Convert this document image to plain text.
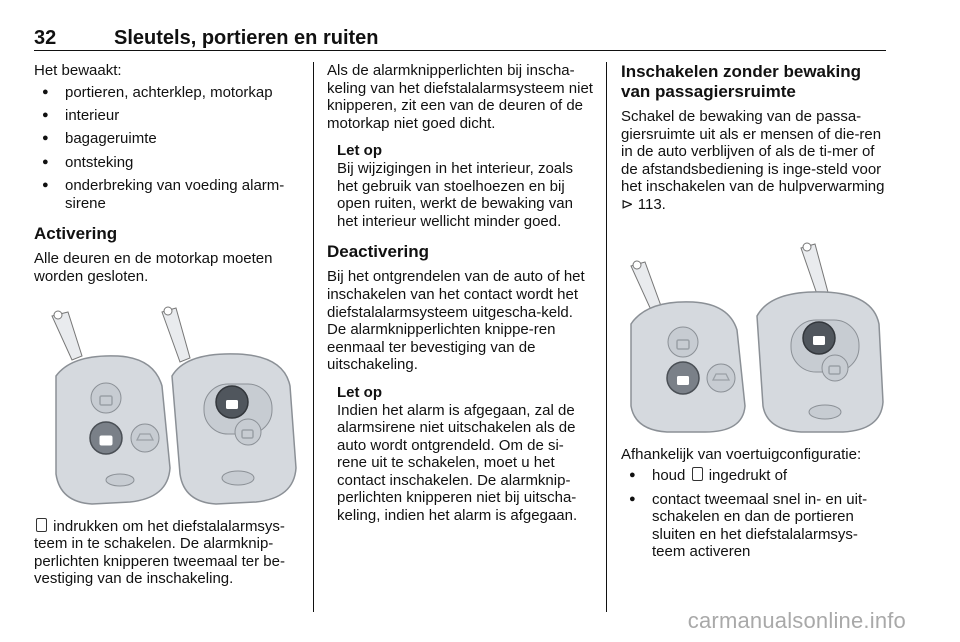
32	Sleutels, portieren en ruiten

Het bewaakt:

● portieren, achterklep, motorkap
● interieur
● bagageruimte
● ontsteking
● onderbreking van voeding alarm-sirene
Activering

Alle deuren en de motorkap moeten worden gesloten.

indrukken om het diefstalalarmsys-teem in te schakelen. De alarmknip-perlichten knipperen tweemaal ter be-vestiging van de inschakeling.

Als de alarmknipperlichten bij inscha-keling van het diefstalalarmsysteem niet knipperen, zit een van de deuren of de motorkap niet goed dicht.

Let op

Bij wijzigingen in het interieur, zoals het gebruik van stoelhoezen en bij open ruiten, werkt de bewaking van het interieur wellicht minder goed.

Deactivering

Bij het ontgrendelen van de auto of het inschakelen van het contact wordt het diefstalalarmsysteem uitgescha-keld. De alarmknipperlichten knippe-ren eenmaal ter bevestiging van de uitschakeling.

Let op

Indien het alarm is afgegaan, zal de alarmsirene niet uitschakelen als de auto wordt ontgrendeld. Om de si-rene uit te schakelen, moet u het contact inschakelen. De alarmknip-perlichten knipperen niet bij uitscha-keling, indien het alarm is afgegaan.

Inschakelen zonder bewaking van passagiersruimte

Schakel de bewaking van de passa-giersruimte uit als er mensen of die-ren in de auto verblijven of als de ti-mer of de afstandsbediening is inge-steld voor het inschakelen van de hulpverwarming ⊳ 113.

Afhankelijk van voertuigconfiguratie:

● houd ingedrukt of
● contact tweemaal snel in- en uit-schakelen en dan de portieren sluiten en het diefstalalarmsys-teem activeren
carmanualsonline.info
